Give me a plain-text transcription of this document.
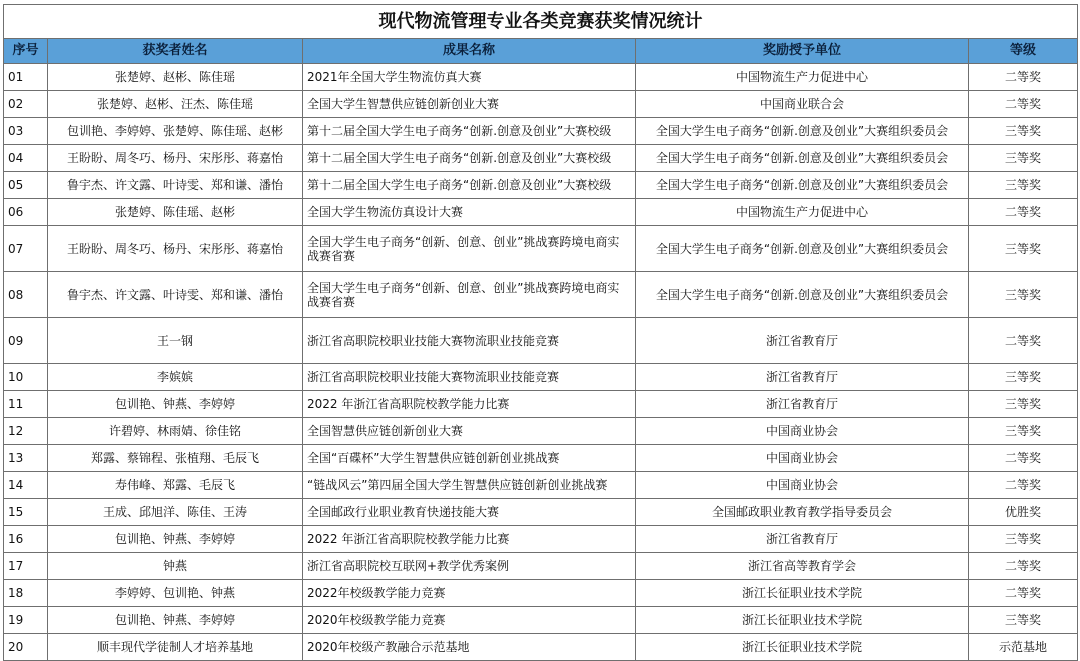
现代物流管理专业各类竞赛获奖情况统计				
序号	获奖者姓名	成果名称	奖励授予单位	等级
01	张楚婷、赵彬、陈佳瑶	2021年全国大学生物流仿真大赛	中国物流生产力促进中心	二等奖
02	张楚婷、赵彬、汪杰、陈佳瑶	全国大学生智慧供应链创新创业大赛	中国商业联合会	二等奖
03	包训艳、李婷婷、张楚婷、陈佳瑶、赵彬	第十二届全国大学生电子商务“创新.创意及创业”大赛校级	全国大学生电子商务“创新.创意及创业”大赛组织委员会	三等奖
04	王盼盼、周冬巧、杨丹、宋彤彤、蒋嘉怡	第十二届全国大学生电子商务“创新.创意及创业”大赛校级	全国大学生电子商务“创新.创意及创业”大赛组织委员会	三等奖
05	鲁宇杰、许文露、叶诗雯、郑和谦、潘怡	第十二届全国大学生电子商务“创新.创意及创业”大赛校级	全国大学生电子商务“创新.创意及创业”大赛组织委员会	三等奖
06	张楚婷、陈佳瑶、赵彬	全国大学生物流仿真设计大赛	中国物流生产力促进中心	二等奖
07	王盼盼、周冬巧、杨丹、宋彤彤、蒋嘉怡	全国大学生电子商务“创新、创意、创业”挑战赛跨境电商实战赛省赛	全国大学生电子商务“创新.创意及创业”大赛组织委员会	三等奖
08	鲁宇杰、许文露、叶诗雯、郑和谦、潘怡	全国大学生电子商务“创新、创意、创业”挑战赛跨境电商实战赛省赛	全国大学生电子商务“创新.创意及创业”大赛组织委员会	三等奖
09	王一钢	浙江省高职院校职业技能大赛物流职业技能竞赛	浙江省教育厅	二等奖
10	李嫔嫔	浙江省高职院校职业技能大赛物流职业技能竞赛	浙江省教育厅	三等奖
11	包训艳、钟燕、李婷婷	2022 年浙江省高职院校教学能力比赛	浙江省教育厅	三等奖
12	许碧婷、林雨婧、徐佳铭	全国智慧供应链创新创业大赛	中国商业协会	三等奖
13	郑露、蔡锦程、张植翔、毛辰飞	全国“百碟杯”大学生智慧供应链创新创业挑战赛	中国商业协会	二等奖
14	寿伟峰、郑露、毛辰飞	“链战风云”第四届全国大学生智慧供应链创新创业挑战赛	中国商业协会	二等奖
15	王成、邱旭洋、陈佳、王涛	全国邮政行业职业教育快递技能大赛	全国邮政职业教育教学指导委员会	优胜奖
16	包训艳、钟燕、李婷婷	2022 年浙江省高职院校教学能力比赛	浙江省教育厅	三等奖
17	钟燕	浙江省高职院校互联网+教学优秀案例	浙江省高等教育学会	二等奖
18	李婷婷、包训艳、钟燕	2022年校级教学能力竞赛	浙江长征职业技术学院	二等奖
19	包训艳、钟燕、李婷婷	2020年校级教学能力竞赛	浙江长征职业技术学院	三等奖
20	顺丰现代学徒制人才培养基地	2020年校级产教融合示范基地	浙江长征职业技术学院	示范基地
